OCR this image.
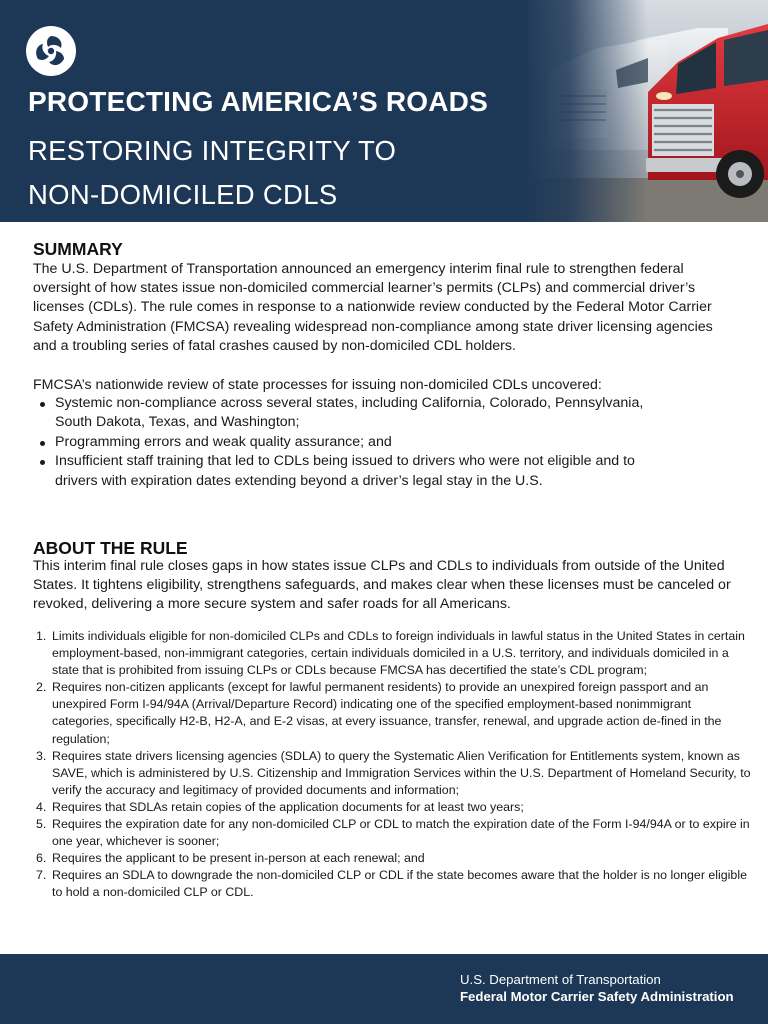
PROTECTING AMERICA’S ROADS
RESTORING INTEGRITY TO
NON-DOMICILED CDLS
SUMMARY

The U.S. Department of Transportation announced an emergency interim final rule to strengthen federal oversight of how states issue non-domiciled commercial learner’s permits (CLPs) and commercial driver’s licenses (CDLs). The rule comes in response to a nationwide review conducted by the Federal Motor Carrier Safety Administration (FMCSA) revealing widespread non-compliance among state driver licensing agencies and a troubling series of fatal crashes caused by non-domiciled CDL holders.

FMCSA’s nationwide review of state processes for issuing non-domiciled CDLs uncovered:

Systemic non-compliance across several states, including California, Colorado, Pennsylvania, South Dakota, Texas, and Washington;
Programming errors and weak quality assurance; and
Insufficient staff training that led to CDLs being issued to drivers who were not eligible and to drivers with expiration dates extending beyond a driver’s legal stay in the U.S.
ABOUT THE RULE

This interim final rule closes gaps in how states issue CLPs and CDLs to individuals from outside of the United States. It tightens eligibility, strengthens safeguards, and makes clear when these licenses must be canceled or revoked, delivering a more secure system and safer roads for all Americans.

1. Limits individuals eligible for non-domiciled CLPs and CDLs to foreign individuals in lawful status in the United States in certain employment-based, non-immigrant categories, certain individuals domiciled in a U.S. territory, and individuals domiciled in a state that is prohibited from issuing CLPs or CDLs because FMCSA has decertified the state’s CDL program;
2. Requires non-citizen applicants (except for lawful permanent residents) to provide an unexpired foreign passport and an unexpired Form I-94/94A (Arrival/Departure Record) indicating one of the specified employment-based nonimmigrant categories, specifically H2-B, H2-A, and E-2 visas, at every issuance, transfer, renewal, and upgrade action de-fined in the regulation;
3. Requires state drivers licensing agencies (SDLA) to query the Systematic Alien Verification for Entitlements system, known as SAVE, which is administered by U.S. Citizenship and Immigration Services within the U.S. Department of Homeland Security, to verify the accuracy and legitimacy of provided documents and information;
4. Requires that SDLAs retain copies of the application documents for at least two years;
5. Requires the expiration date for any non-domiciled CLP or CDL to match the expiration date of the Form I-94/94A or to expire in one year, whichever is sooner;
6. Requires the applicant to be present in-person at each renewal; and
7. Requires an SDLA to downgrade the non-domiciled CLP or CDL if the state becomes aware that the holder is no longer eligible to hold a non-domiciled CLP or CDL.
U.S. Department of Transportation
Federal Motor Carrier Safety Administration
